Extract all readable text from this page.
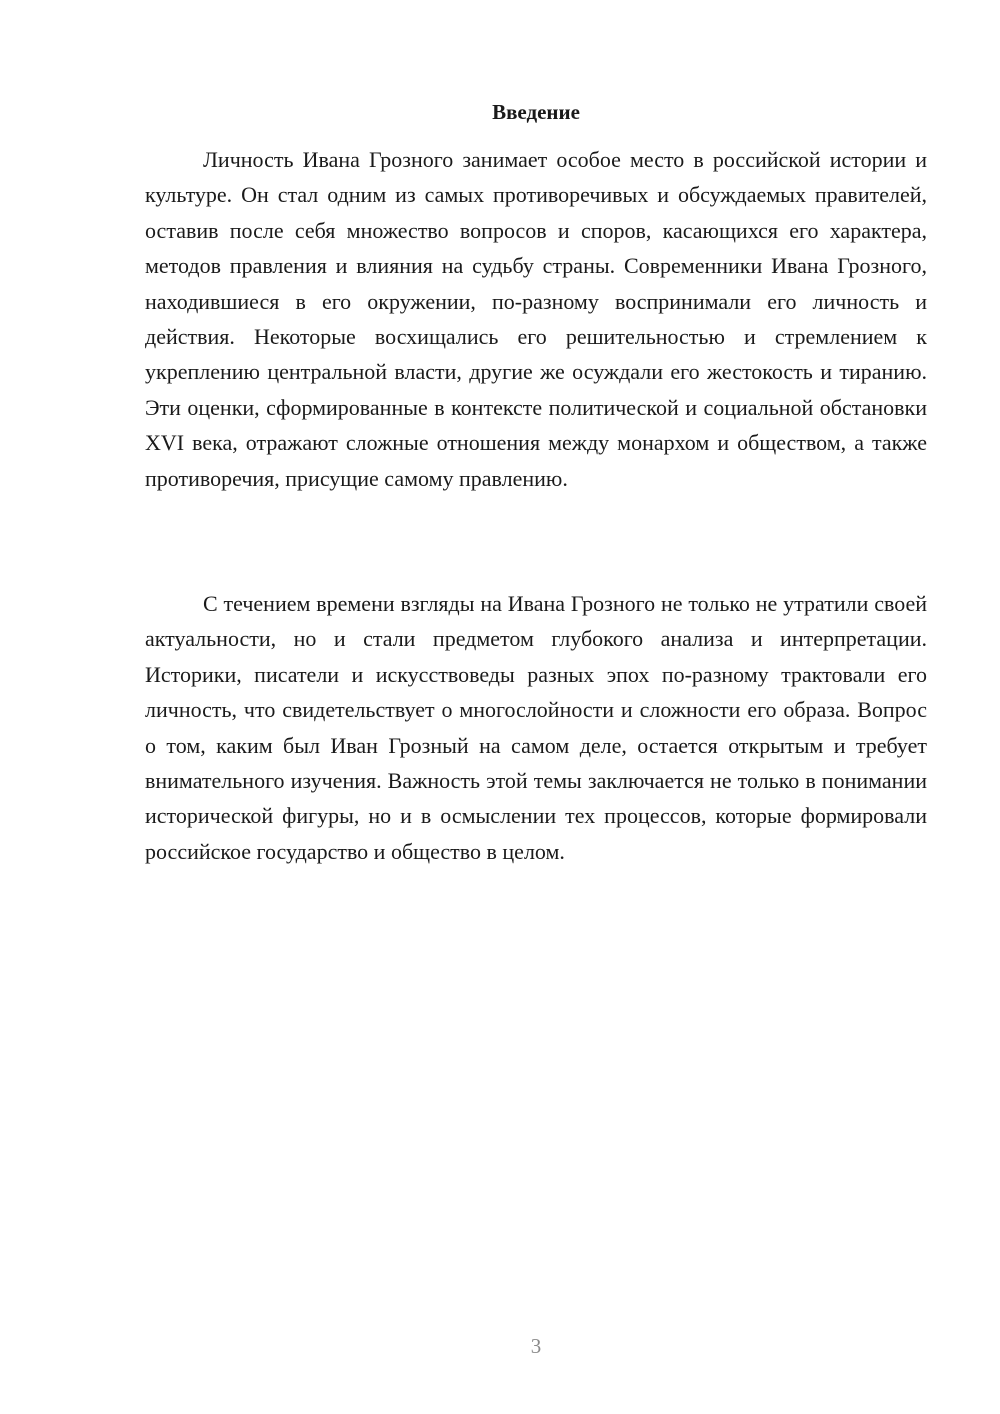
Введение

Личность Ивана Грозного занимает особое место в российской истории и культуре. Он стал одним из самых противоречивых и обсуждаемых правителей, оставив после себя множество вопросов и споров, касающихся его характера, методов правления и влияния на судьбу страны. Современники Ивана Грозного, находившиеся в его окружении, по-разному воспринимали его личность и действия. Некоторые восхищались его решительностью и стремлением к укреплению центральной власти, другие же осуждали его жестокость и тиранию. Эти оценки, сформированные в контексте политической и социальной обстановки XVI века, отражают сложные отношения между монархом и обществом, а также противоречия, присущие самому правлению.

С течением времени взгляды на Ивана Грозного не только не утратили своей актуальности, но и стали предметом глубокого анализа и интерпретации. Историки, писатели и искусствоведы разных эпох по-разному трактовали его личность, что свидетельствует о многослойности и сложности его образа. Вопрос о том, каким был Иван Грозный на самом деле, остается открытым и требует внимательного изучения. Важность этой темы заключается не только в понимании исторической фигуры, но и в осмыслении тех процессов, которые формировали российское государство и общество в целом.

3
